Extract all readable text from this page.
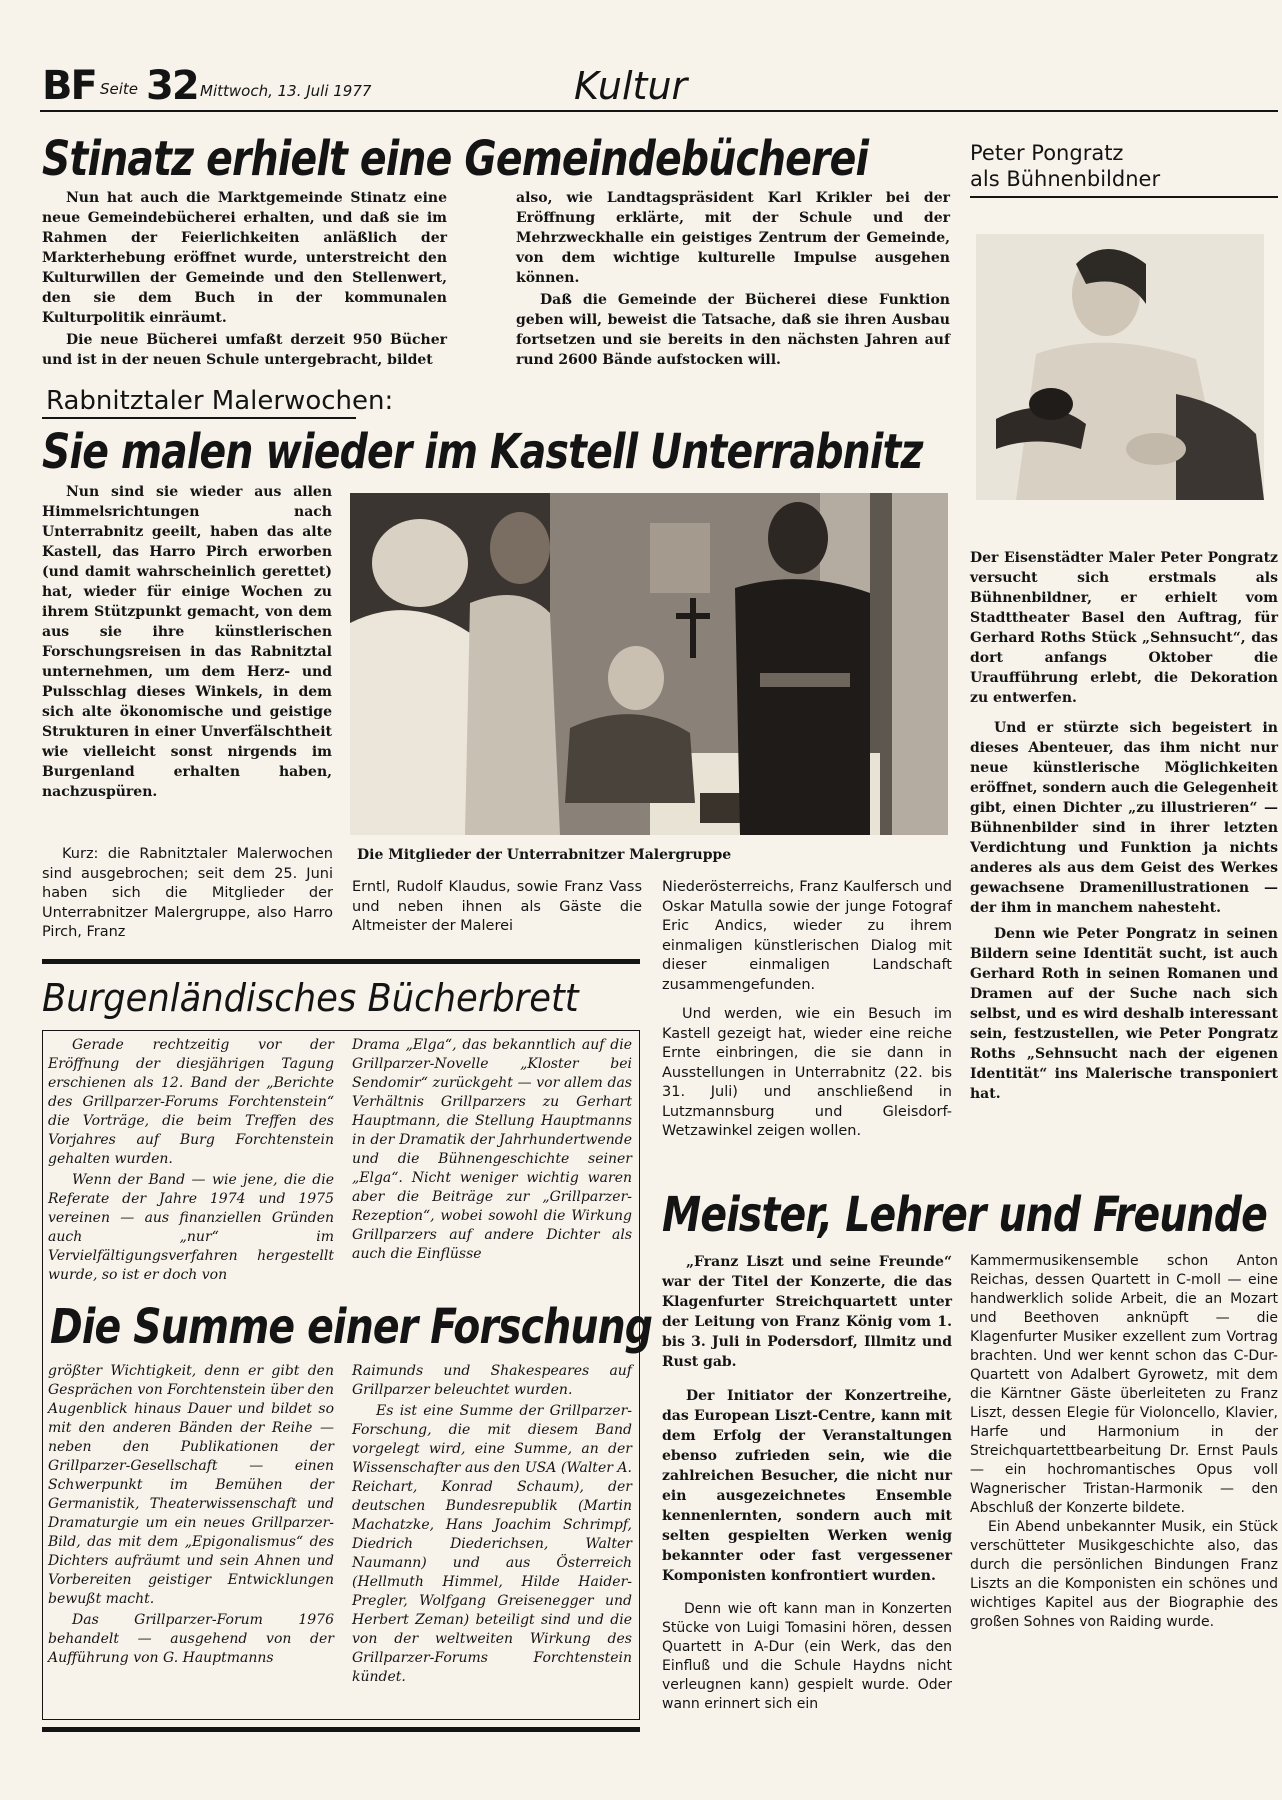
BF Seite 32 Mittwoch, 13. Juli 1977	Kultur
Stinatz erhielt eine Gemeindebücherei

Nun hat auch die Marktgemeinde Stinatz eine neue Gemeindebücherei erhalten, und daß sie im Rahmen der Feierlichkeiten anläßlich der Markterhebung eröffnet wurde, unterstreicht den Kulturwillen der Gemeinde und den Stellenwert, den sie dem Buch in der kommunalen Kulturpolitik einräumt.

Die neue Bücherei umfaßt derzeit 950 Bücher und ist in der neuen Schule untergebracht, bildet

also, wie Landtagspräsident Karl Krikler bei der Eröffnung erklärte, mit der Schule und der Mehrzweckhalle ein geistiges Zentrum der Gemeinde, von dem wichtige kulturelle Impulse ausgehen können.

Daß die Gemeinde der Bücherei diese Funktion geben will, beweist die Tatsache, daß sie ihren Ausbau fortsetzen und sie bereits in den nächsten Jahren auf rund 2600 Bände aufstocken will.

Rabnitztaler Malerwochen:
Sie malen wieder im Kastell Unterrabnitz

Nun sind sie wieder aus allen Himmelsrichtungen nach Unterrabnitz geeilt, haben das alte Kastell, das Harro Pirch erworben (und damit wahrscheinlich gerettet) hat, wieder für einige Wochen zu ihrem Stützpunkt gemacht, von dem aus sie ihre künstlerischen Forschungsreisen in das Rabnitztal unternehmen, um dem Herz- und Pulsschlag dieses Winkels, in dem sich alte ökonomische und geistige Strukturen in einer Unverfälschtheit wie vielleicht sonst nirgends im Burgenland erhalten haben, nachzuspüren.

Die Mitglieder der Unterrabnitzer Malergruppe
Kurz: die Rabnitztaler Malerwochen sind ausgebrochen; seit dem 25. Juni haben sich die Mitglieder der Unterrabnitzer Malergruppe, also Harro Pirch, Franz
Erntl, Rudolf Klaudus, sowie Franz Vass und neben ihnen als Gäste die Altmeister der Malerei
Niederösterreichs, Franz Kaulfersch und Oskar Matulla sowie der junge Fotograf Eric Andics, wieder zu ihrem einmaligen künstlerischen Dialog mit dieser einmaligen Landschaft zusammengefunden.
Und werden, wie ein Besuch im Kastell gezeigt hat, wieder eine reiche Ernte einbringen, die sie dann in Ausstellungen in Unterrabnitz (22. bis 31. Juli) und anschließend in Lutzmannsburg und Gleisdorf-Wetzawinkel zeigen wollen.
Peter Pongratz
als Bühnenbildner

Der Eisenstädter Maler Peter Pongratz versucht sich erstmals als Bühnenbildner, er erhielt vom Stadttheater Basel den Auftrag, für Gerhard Roths Stück „Sehnsucht“, das dort anfangs Oktober die Uraufführung erlebt, die Dekoration zu entwerfen.

Und er stürzte sich begeistert in dieses Abenteuer, das ihm nicht nur neue künstlerische Möglichkeiten eröffnet, sondern auch die Gelegenheit gibt, einen Dichter „zu illustrieren“ — Bühnenbilder sind in ihrer letzten Verdichtung und Funktion ja nichts anderes als aus dem Geist des Werkes gewachsene Dramenillustrationen — der ihm in manchem nahesteht.

Denn wie Peter Pongratz in seinen Bildern seine Identität sucht, ist auch Gerhard Roth in seinen Romanen und Dramen auf der Suche nach sich selbst, und es wird deshalb interessant sein, festzustellen, wie Peter Pongratz Roths „Sehnsucht nach der eigenen Identität“ ins Malerische transponiert hat.

Burgenländisches Bücherbrett

Gerade rechtzeitig vor der Eröffnung der diesjährigen Tagung erschienen als 12. Band der „Berichte des Grillparzer-Forums Forchtenstein“ die Vorträge, die beim Treffen des Vorjahres auf Burg Forchtenstein gehalten wurden.

Wenn der Band — wie jene, die die Referate der Jahre 1974 und 1975 vereinen — aus finanziellen Gründen auch „nur“ im Vervielfältigungsverfahren hergestellt wurde, so ist er doch von

Drama „Elga“, das bekanntlich auf die Grillparzer-Novelle „Kloster bei Sendomir“ zurückgeht — vor allem das Verhältnis Grillparzers zu Gerhart Hauptmann, die Stellung Hauptmanns in der Dramatik der Jahrhundertwende und die Bühnengeschichte seiner „Elga“. Nicht weniger wichtig waren aber die Beiträge zur „Grillparzer-Rezeption“, wobei sowohl die Wirkung Grillparzers auf andere Dichter als auch die Einflüsse

Die Summe einer Forschung

größter Wichtigkeit, denn er gibt den Gesprächen von Forchtenstein über den Augenblick hinaus Dauer und bildet so mit den anderen Bänden der Reihe — neben den Publikationen der Grillparzer-Gesellschaft — einen Schwerpunkt im Bemühen der Germanistik, Theaterwissenschaft und Dramaturgie um ein neues Grillparzer-Bild, das mit dem „Epigonalismus“ des Dichters aufräumt und sein Ahnen und Vorbereiten geistiger Entwicklungen bewußt macht.

Das Grillparzer-Forum 1976 behandelt — ausgehend von der Aufführung von G. Hauptmanns

Raimunds und Shakespeares auf Grillparzer beleuchtet wurden.

Es ist eine Summe der Grillparzer-Forschung, die mit diesem Band vorgelegt wird, eine Summe, an der Wissenschafter aus den USA (Walter A. Reichart, Konrad Schaum), der deutschen Bundesrepublik (Martin Machatzke, Hans Joachim Schrimpf, Diedrich Diederichsen, Walter Naumann) und aus Österreich (Hellmuth Himmel, Hilde Haider-Pregler, Wolfgang Greisenegger und Herbert Zeman) beteiligt sind und die von der weltweiten Wirkung des Grillparzer-Forums Forchtenstein kündet.

Meister, Lehrer und Freunde

„Franz Liszt und seine Freunde“ war der Titel der Konzerte, die das Klagenfurter Streichquartett unter der Leitung von Franz König vom 1. bis 3. Juli in Podersdorf, Illmitz und Rust gab.

Der Initiator der Konzertreihe, das European Liszt-Centre, kann mit dem Erfolg der Veranstaltungen ebenso zufrieden sein, wie die zahlreichen Besucher, die nicht nur ein ausgezeichnetes Ensemble kennenlernten, sondern auch mit selten gespielten Werken wenig bekannter oder fast vergessener Komponisten konfrontiert wurden.

Denn wie oft kann man in Konzerten Stücke von Luigi Tomasini hören, dessen Quartett in A-Dur (ein Werk, das den Einfluß und die Schule Haydns nicht verleugnen kann) gespielt wurde. Oder wann erinnert sich ein

Kammermusikensemble schon Anton Reichas, dessen Quartett in C-moll — eine handwerklich solide Arbeit, die an Mozart und Beethoven anknüpft — die Klagenfurter Musiker exzellent zum Vortrag brachten. Und wer kennt schon das C-Dur-Quartett von Adalbert Gyrowetz, mit dem die Kärntner Gäste überleiteten zu Franz Liszt, dessen Elegie für Violoncello, Klavier, Harfe und Harmonium in der Streichquartettbearbeitung Dr. Ernst Pauls — ein hochromantisches Opus voll Wagnerischer Tristan-Harmonik — den Abschluß der Konzerte bildete.
Ein Abend unbekannter Musik, ein Stück verschütteter Musikgeschichte also, das durch die persönlichen Bindungen Franz Liszts an die Komponisten ein schönes und wichtiges Kapitel aus der Biographie des großen Sohnes von Raiding wurde.
